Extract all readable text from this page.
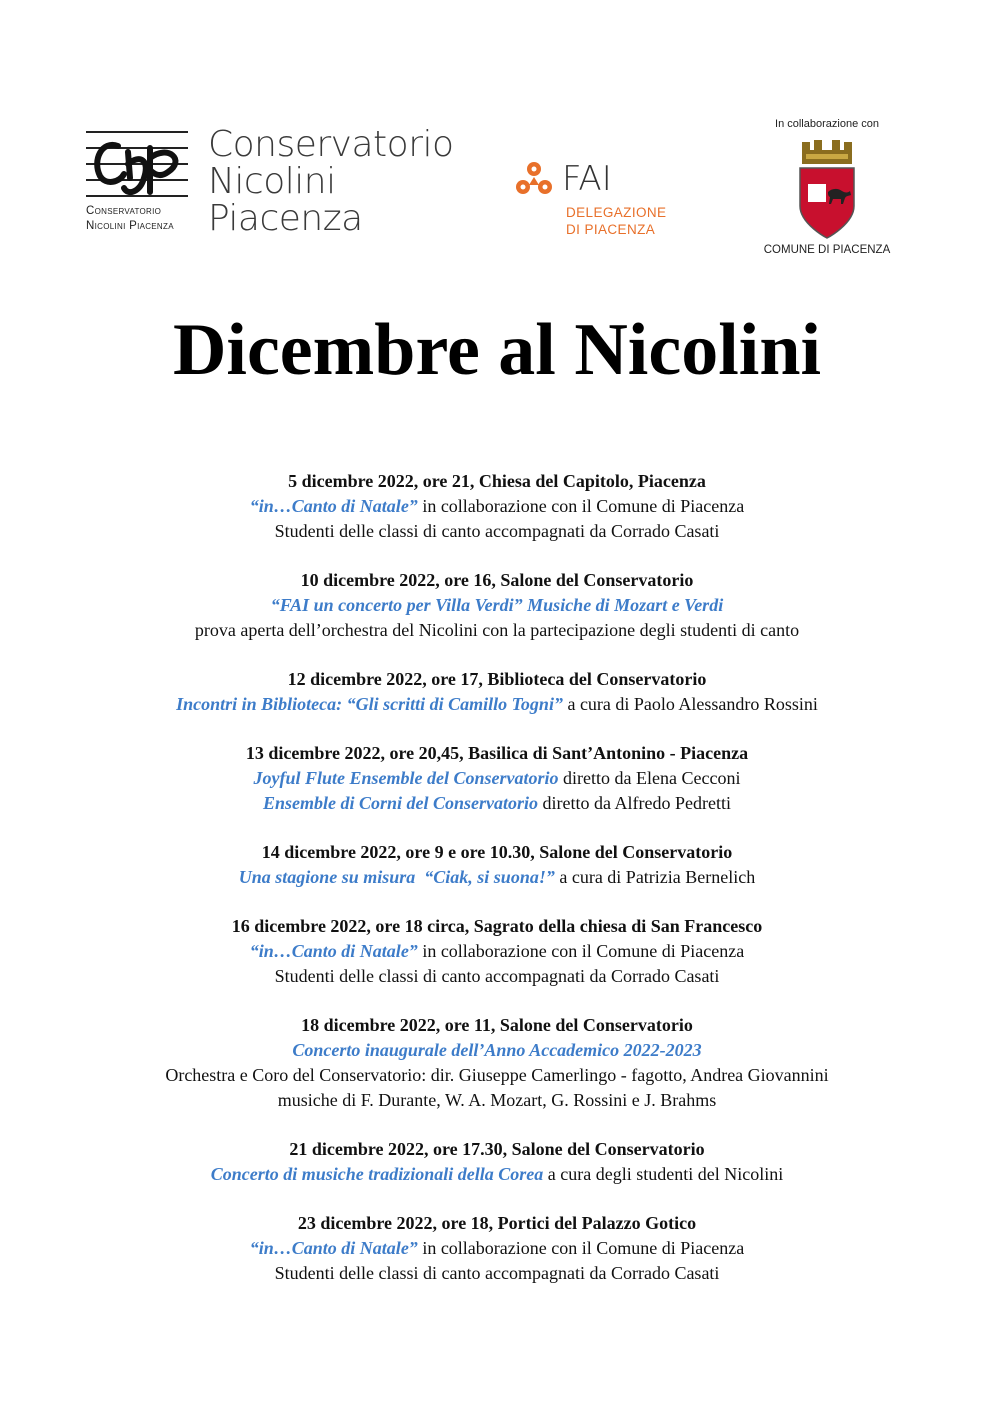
Conservatorio
Nicolini Piacenza
Conservatorio
Nicolini
Piacenza
FAI
DELEGAZIONE
DI PIACENZA
In collaborazione con
COMUNE DI PIACENZA
Dicembre al Nicolini
5 dicembre 2022, ore 21, Chiesa del Capitolo, Piacenza
“in…Canto di Natale” in collaborazione con il Comune di Piacenza
Studenti delle classi di canto accompagnati da Corrado Casati
10 dicembre 2022, ore 16, Salone del Conservatorio
“FAI un concerto per Villa Verdi” Musiche di Mozart e Verdi
prova aperta dell’orchestra del Nicolini con la partecipazione degli studenti di canto
12 dicembre 2022, ore 17, Biblioteca del Conservatorio
Incontri in Biblioteca: “Gli scritti di Camillo Togni” a cura di Paolo Alessandro Rossini
13 dicembre 2022, ore 20,45, Basilica di Sant’Antonino - Piacenza
Joyful Flute Ensemble del Conservatorio diretto da Elena Cecconi
Ensemble di Corni del Conservatorio diretto da Alfredo Pedretti
14 dicembre 2022, ore 9 e ore 10.30, Salone del Conservatorio
Una stagione su misura  “Ciak, si suona!” a cura di Patrizia Bernelich
16 dicembre 2022, ore 18 circa, Sagrato della chiesa di San Francesco
“in…Canto di Natale” in collaborazione con il Comune di Piacenza
Studenti delle classi di canto accompagnati da Corrado Casati
18 dicembre 2022, ore 11, Salone del Conservatorio
Concerto inaugurale dell’Anno Accademico 2022-2023
Orchestra e Coro del Conservatorio: dir. Giuseppe Camerlingo - fagotto, Andrea Giovannini
musiche di F. Durante, W. A. Mozart, G. Rossini e J. Brahms
21 dicembre 2022, ore 17.30, Salone del Conservatorio
Concerto di musiche tradizionali della Corea a cura degli studenti del Nicolini
23 dicembre 2022, ore 18, Portici del Palazzo Gotico
“in…Canto di Natale” in collaborazione con il Comune di Piacenza
Studenti delle classi di canto accompagnati da Corrado Casati
